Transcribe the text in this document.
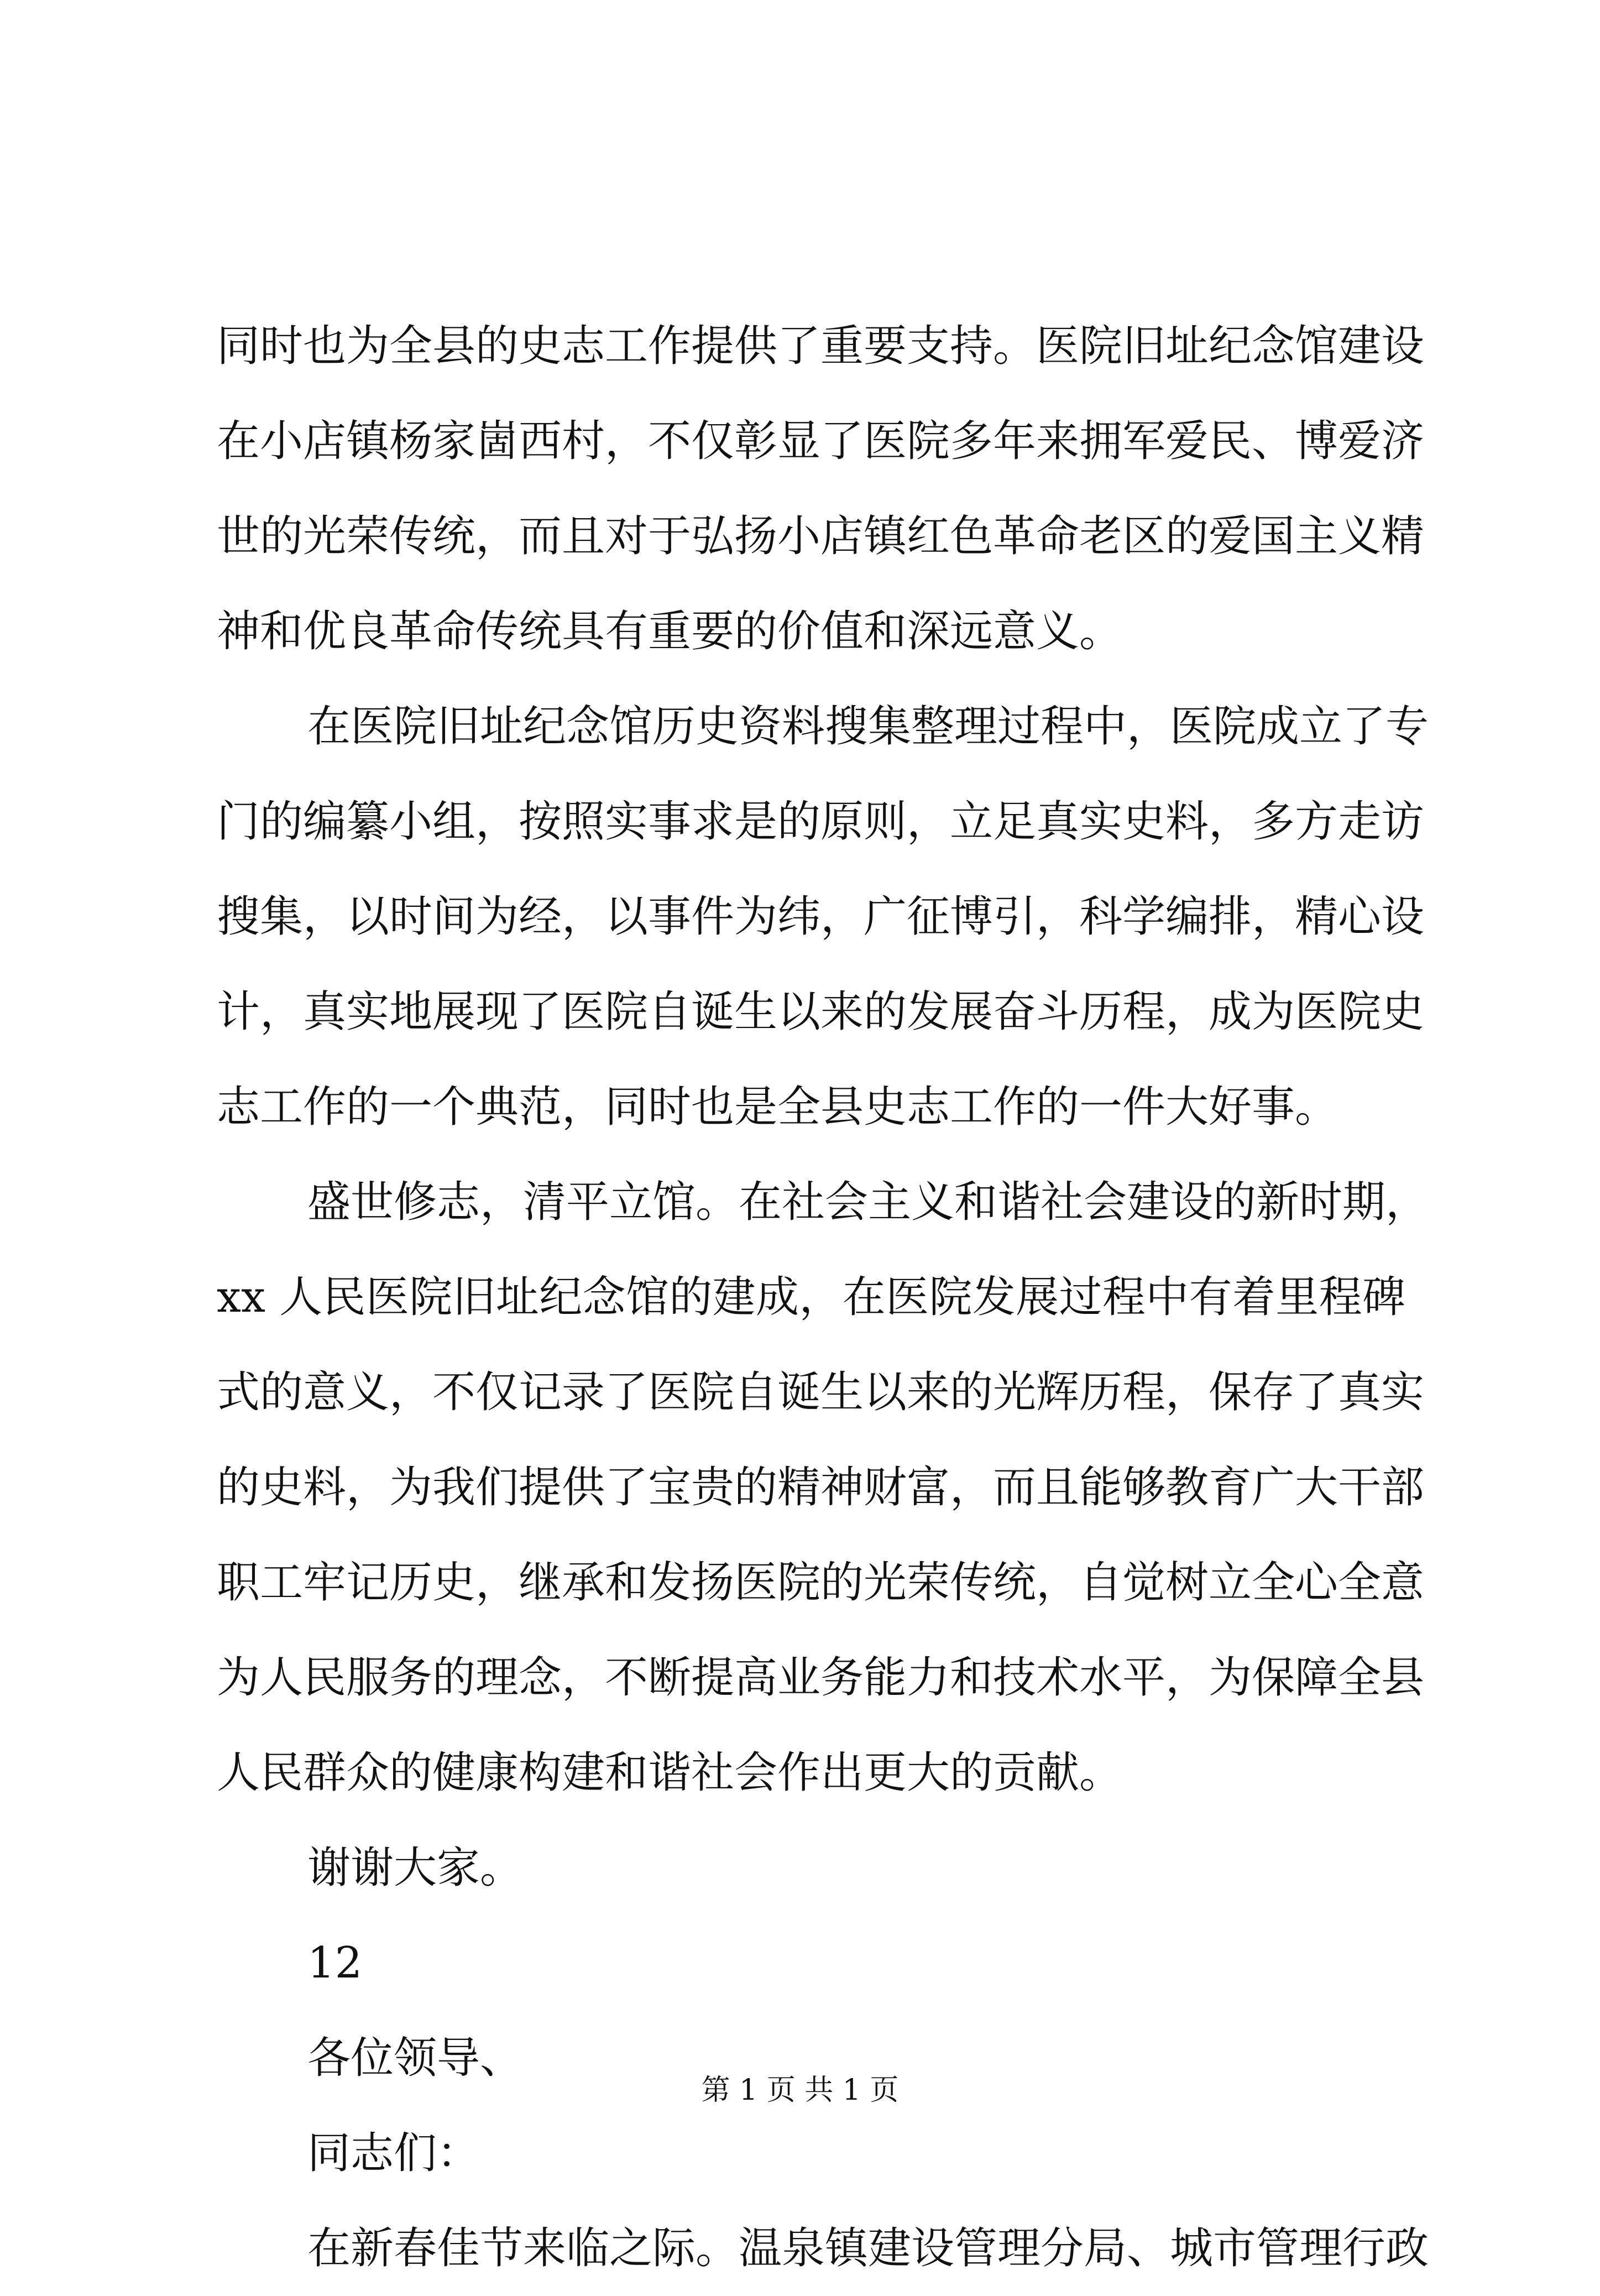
同时也为全县的史志工作提供了重要支持。医院旧址纪念馆建设
在小店镇杨家崮西村，不仅彰显了医院多年来拥军爱民、博爱济
世的光荣传统，而且对于弘扬小店镇红色革命老区的爱国主义精
神和优良革命传统具有重要的价值和深远意义。
在医院旧址纪念馆历史资料搜集整理过程中，医院成立了专
门的编纂小组，按照实事求是的原则，立足真实史料，多方走访
搜集，以时间为经，以事件为纬，广征博引，科学编排，精心设
计，真实地展现了医院自诞生以来的发展奋斗历程，成为医院史
志工作的一个典范，同时也是全县史志工作的一件大好事。
盛世修志，清平立馆。在社会主义和谐社会建设的新时期，
xx 人民医院旧址纪念馆的建成，在医院发展过程中有着里程碑
式的意义，不仅记录了医院自诞生以来的光辉历程，保存了真实
的史料，为我们提供了宝贵的精神财富，而且能够教育广大干部
职工牢记历史，继承和发扬医院的光荣传统，自觉树立全心全意
为人民服务的理念，不断提高业务能力和技术水平，为保障全县
人民群众的健康构建和谐社会作出更大的贡献。
谢谢大家。
12
各位领导、
同志们：
在新春佳节来临之际。温泉镇建设管理分局、城市管理行政
第 1 页 共 1 页
